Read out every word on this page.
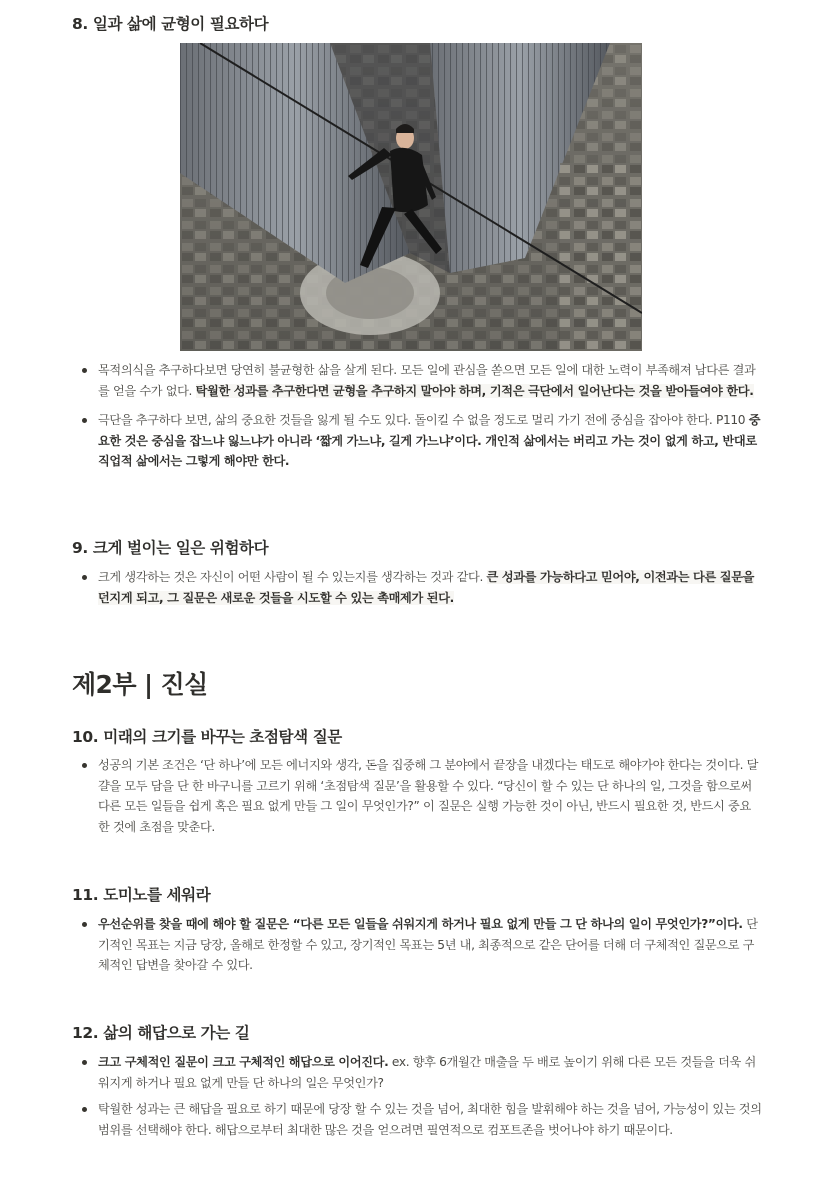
8. 일과 삶에 균형이 필요하다
목적의식을 추구하다보면 당연히 불균형한 삶을 살게 된다. 모든 일에 관심을 쏟으면 모든 일에 대한 노력이 부족해져 남다른 결과를 얻을 수가 없다. 탁월한 성과를 추구한다면 균형을 추구하지 말아야 하며, 기적은 극단에서 일어난다는 것을 받아들여야 한다.
극단을 추구하다 보면, 삶의 중요한 것들을 잃게 될 수도 있다. 돌이킬 수 없을 정도로 멀리 가기 전에 중심을 잡아야 한다. P110 중요한 것은 중심을 잡느냐 잃느냐가 아니라 ‘짧게 가느냐, 길게 가느냐’이다. 개인적 삶에서는 버리고 가는 것이 없게 하고, 반대로 직업적 삶에서는 그렇게 해야만 한다.
9. 크게 벌이는 일은 위험하다
크게 생각하는 것은 자신이 어떤 사람이 될 수 있는지를 생각하는 것과 같다. 큰 성과를 가능하다고 믿어야, 이전과는 다른 질문을 던지게 되고, 그 질문은 새로운 것들을 시도할 수 있는 촉매제가 된다.
제2부 | 진실
10. 미래의 크기를 바꾸는 초점탐색 질문
성공의 기본 조건은 ‘단 하나’에 모든 에너지와 생각, 돈을 집중해 그 분야에서 끝장을 내겠다는 태도로 해야가야 한다는 것이다. 달걀을 모두 담을 단 한 바구니를 고르기 위해 ‘초점탐색 질문’을 활용할 수 있다. “당신이 할 수 있는 단 하나의 일, 그것을 함으로써 다른 모든 일들을 쉽게 혹은 필요 없게 만들 그 일이 무엇인가?” 이 질문은 실행 가능한 것이 아닌, 반드시 필요한 것, 반드시 중요한 것에 초점을 맞춘다.
11. 도미노를 세워라
우선순위를 찾을 때에 해야 할 질문은 “다른 모든 일들을 쉬워지게 하거나 필요 없게 만들 그 단 하나의 일이 무엇인가?”이다. 단기적인 목표는 지금 당장, 올해로 한정할 수 있고, 장기적인 목표는 5년 내, 최종적으로 같은 단어를 더해 더 구체적인 질문으로 구체적인 답변을 찾아갈 수 있다.
12. 삶의 해답으로 가는 길
크고 구체적인 질문이 크고 구체적인 해답으로 이어진다. ex. 향후 6개월간 매출을 두 배로 높이기 위해 다른 모든 것들을 더욱 쉬워지게 하거나 필요 없게 만들 단 하나의 일은 무엇인가?
탁월한 성과는 큰 해답을 필요로 하기 때문에 당장 할 수 있는 것을 넘어, 최대한 힘을 발휘해야 하는 것을 넘어, 가능성이 있는 것의 범위를 선택해야 한다. 해답으로부터 최대한 많은 것을 얻으려면 필연적으로 컴포트존을 벗어나야 하기 때문이다.
